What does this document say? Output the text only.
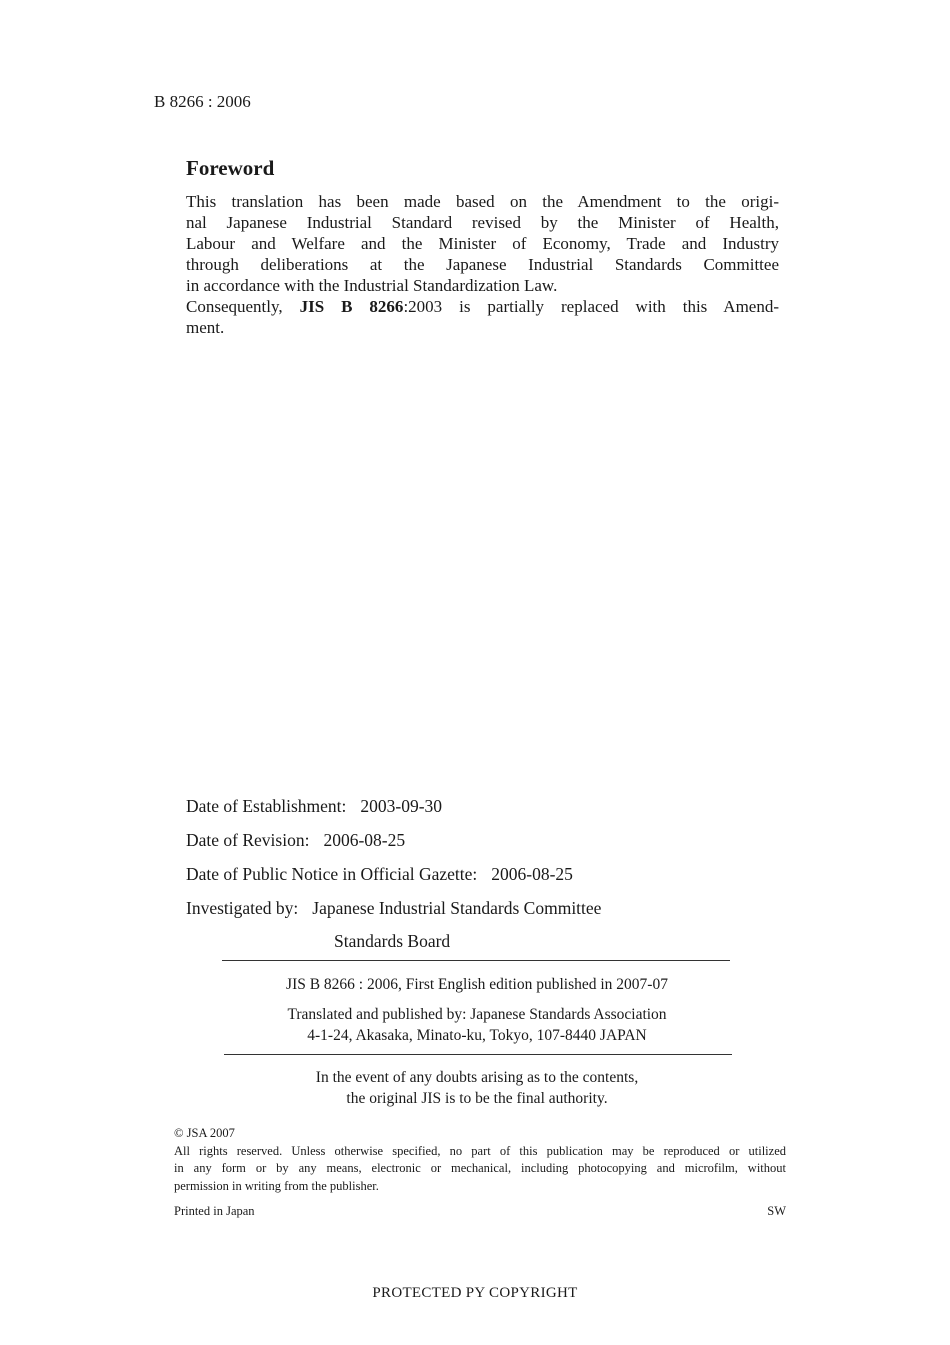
B 8266 : 2006
Foreword
This translation has been made based on the Amendment to the origi-
nal Japanese Industrial Standard revised by the Minister of Health,
Labour and Welfare and the Minister of Economy, Trade and Industry
through deliberations at the Japanese Industrial Standards Committee
in accordance with the Industrial Standardization Law.
Consequently, JIS B 8266:2003 is partially replaced with this Amend-
ment.
Date of Establishment: 2003-09-30
Date of Revision: 2006-08-25
Date of Public Notice in Official Gazette: 2006-08-25
Investigated by: Japanese Industrial Standards Committee
Standards Board
JIS B 8266 : 2006, First English edition published in 2007-07
Translated and published by: Japanese Standards Association
4-1-24, Akasaka, Minato-ku, Tokyo, 107-8440 JAPAN
In the event of any doubts arising as to the contents,
the original JIS is to be the final authority.
© JSA 2007
All rights reserved. Unless otherwise specified, no part of this publication may be reproduced or utilized
in any form or by any means, electronic or mechanical, including photocopying and microfilm, without
permission in writing from the publisher.
Printed in Japan	SW
PROTECTED PY COPYRIGHT
